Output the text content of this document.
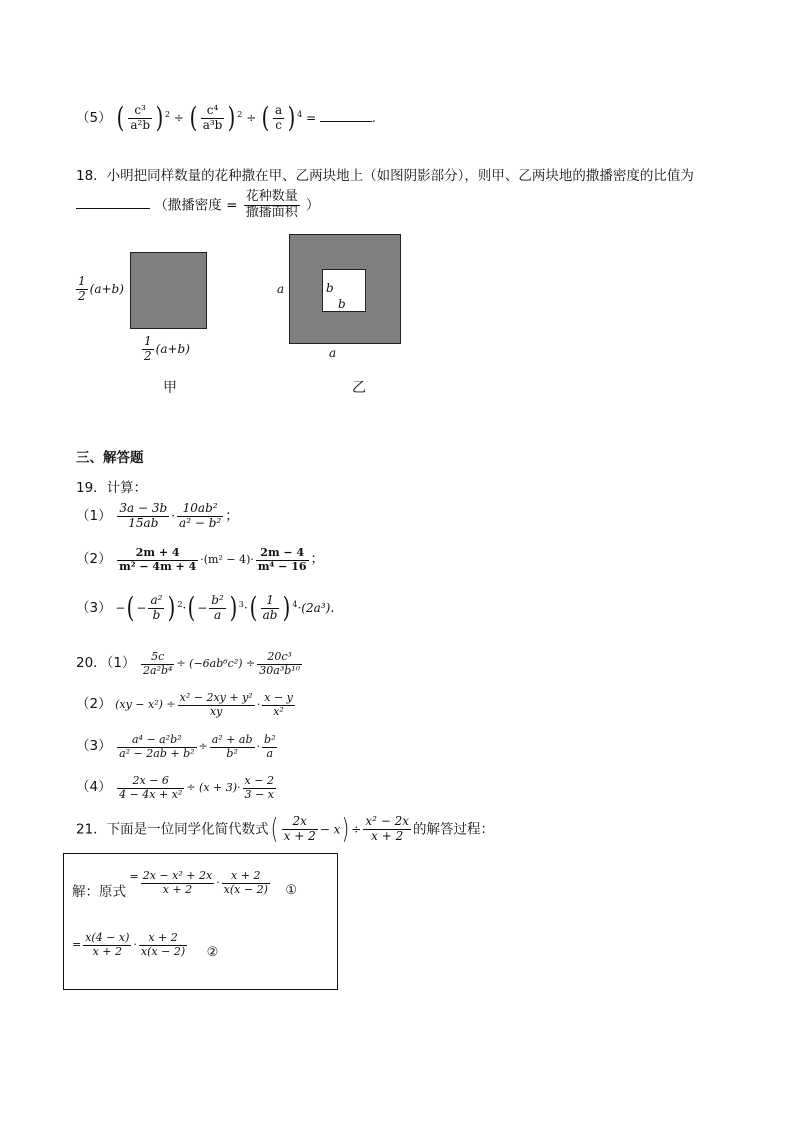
（5） ( $\frac{\text{c³}}{\text{a²b}}$ ) $^2$ ÷ ( $\frac{\text{c⁴}}{\text{a³b}}$ ) $^2$ ÷ ( $\frac{a}{c}$ ) $^4$ =	.
18．小明把同样数量的花种撒在甲、乙两块地上（如图阴影部分），则甲、乙两块地的撒播密度的比值为
（撒播密度 = $\frac{\text{花种数量}}{\text{撒播面积}}$ ）
$\frac{1}{2} (a+b)$
$\frac{1}{2} (a+b)$
甲
a
a
b
b
乙
三、解答题
19．计算：
$(1) \frac{3a - 3b}{15ab} \cdot \frac{\text{10ab²}}{\text{a² − b²}}$ ；
$(2) \frac{2m + 4}{\text{m² − 4m + 4}} \cdot(m^2 - 4)\cdot \frac{2m - 4}{\text{m⁴ − 16}}$ ；
（3） −( − $\frac{\text{a²}}{b}$ ) $^2\cdot( - \frac{\text{b²}}{a}$ ) $^3\cdot( \frac{1}{ab}$ ) $^4$·(2a³).
20．$(1) \frac{5c}{\text{2a²b⁴}} \div (-6ab^6c^2) \div \frac{\text{20c³}}{\text{30a³b¹⁰}}$
（2） $(xy - x^2) \div \frac{\text{x² − 2xy + y²}}{xy} \cdot \frac{x - y}{\text{x²}}$
$(3) \frac{\text{a⁴ − a²b²}}{\text{a² − 2ab + b²}} \div \frac{\text{a² + ab}}{\text{b²}} \cdot \frac{\text{b²}}{a}$
$(4) \frac{2x - 6}{\text{4 − 4x + x²}} \div (x + 3)\cdot \frac{x - 2}{3 - x}$
21．下面是一位同学化简代数式( $\frac{2x}{x + 2} - x) \div \frac{\text{x² − 2x}}{x + 2}$ 的解答过程：
解：原式 = $\frac{\text{2x − x² + 2x}}{x + 2} \cdot \frac{x + 2}{x(x - 2)}$ ①
= $\frac{x(4 - x)}{x + 2} \cdot \frac{x + 2}{x(x - 2)}$ ②
